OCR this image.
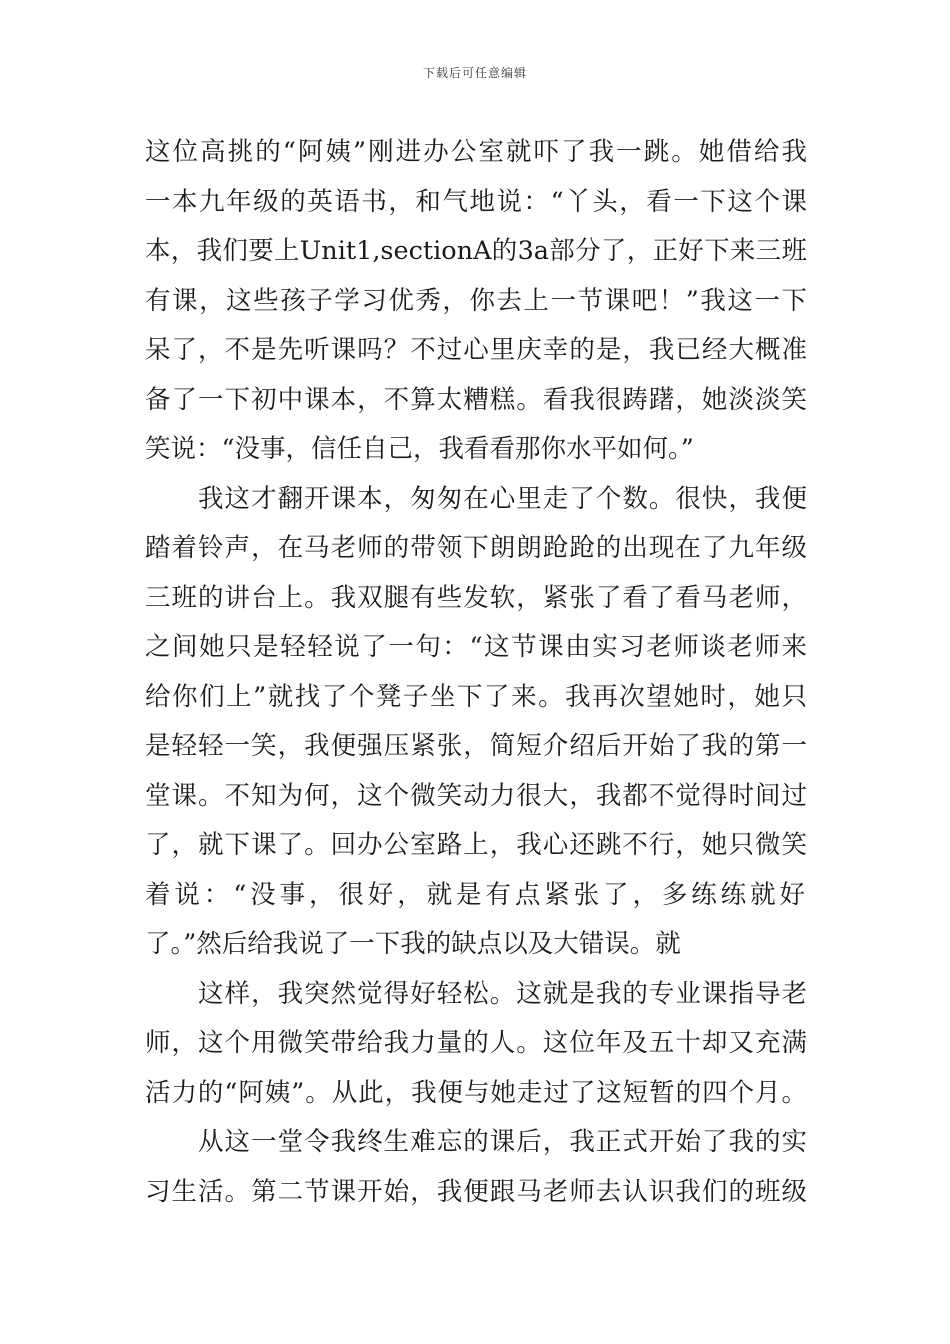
下载后可任意编辑
这位高挑的“阿姨”刚进办公室就吓了我一跳。她借给我
一本九年级的英语书，和气地说：“丫头，看一下这个课
本，我们要上Unit1,sectionA的3a部分了，正好下来三班
有课，这些孩子学习优秀，你去上一节课吧！”我这一下
呆了，不是先听课吗？不过心里庆幸的是，我已经大概准
备了一下初中课本，不算太糟糕。看我很踌躇，她淡淡笑
笑说：“没事，信任自己，我看看那你水平如何。”
　　我这才翻开课本，匆匆在心里走了个数。很快，我便
踏着铃声，在马老师的带领下朗朗跄跄的出现在了九年级
三班的讲台上。我双腿有些发软，紧张了看了看马老师，
之间她只是轻轻说了一句：“这节课由实习老师谈老师来
给你们上”就找了个凳子坐下了来。我再次望她时，她只
是轻轻一笑，我便强压紧张，简短介绍后开始了我的第一
堂课。不知为何，这个微笑动力很大，我都不觉得时间过
了，就下课了。回办公室路上，我心还跳不行，她只微笑
着说：“没事，很好，就是有点紧张了，多练练就好
了。”然后给我说了一下我的缺点以及大错误。就
　　这样，我突然觉得好轻松。这就是我的专业课指导老
师，这个用微笑带给我力量的人。这位年及五十却又充满
活力的“阿姨”。从此，我便与她走过了这短暂的四个月。
　　从这一堂令我终生难忘的课后，我正式开始了我的实
习生活。第二节课开始，我便跟马老师去认识我们的班级
